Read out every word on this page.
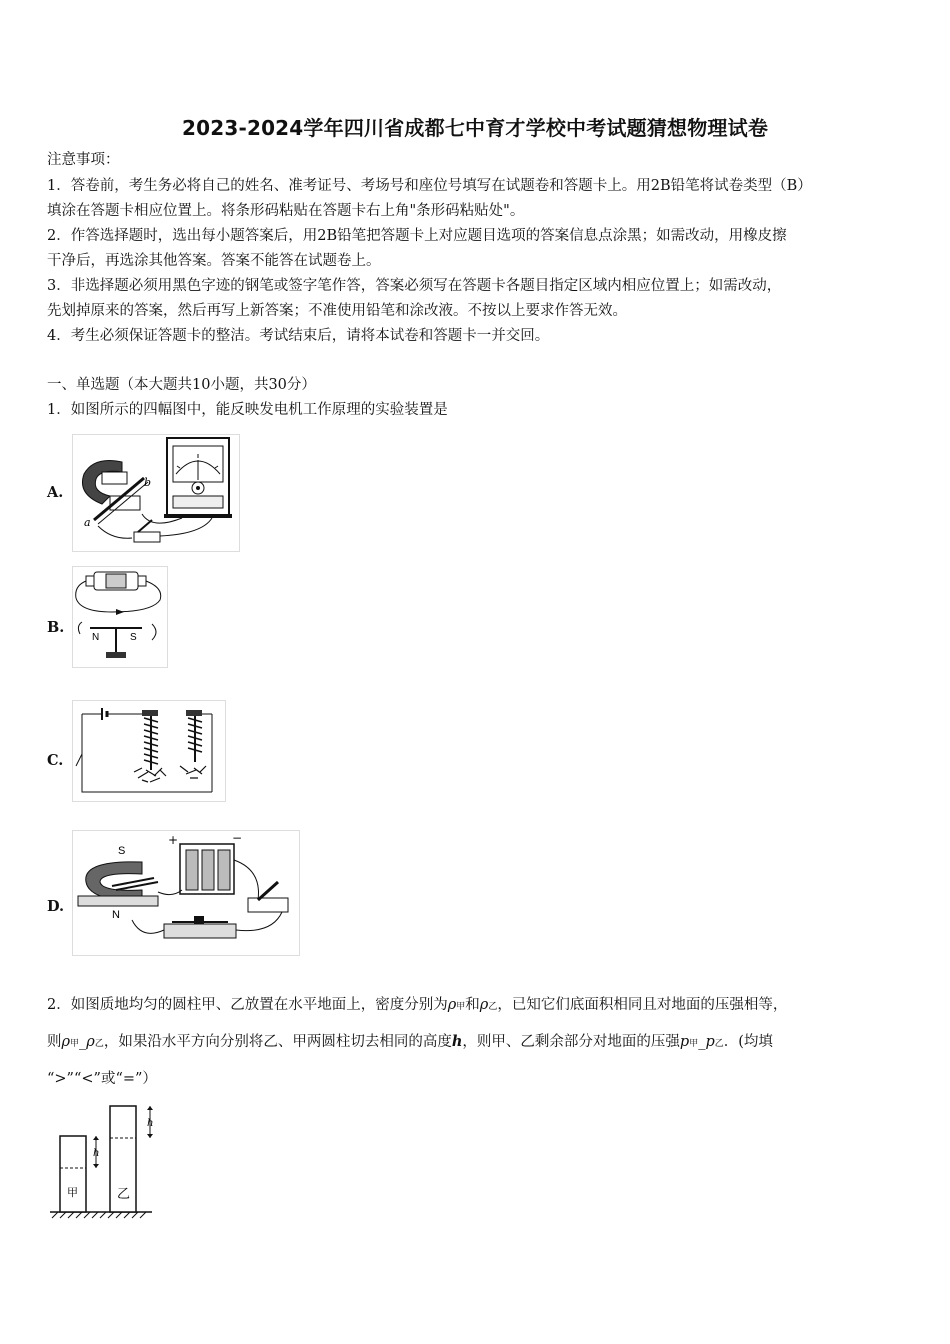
2023-2024学年四川省成都七中育才学校中考试题猜想物理试卷
注意事项：
1．答卷前，考生务必将自己的姓名、准考证号、考场号和座位号填写在试题卷和答题卡上。用2B铅笔将试卷类型（B）
填涂在答题卡相应位置上。将条形码粘贴在答题卡右上角"条形码粘贴处"。
2．作答选择题时，选出每小题答案后，用2B铅笔把答题卡上对应题目选项的答案信息点涂黑；如需改动，用橡皮擦
干净后，再选涂其他答案。答案不能答在试题卷上。
3．非选择题必须用黑色字迹的钢笔或签字笔作答，答案必须写在答题卡各题目指定区域内相应位置上；如需改动，
先划掉原来的答案，然后再写上新答案；不准使用铅笔和涂改液。不按以上要求作答无效。
4．考生必须保证答题卡的整洁。考试结束后，请将本试卷和答题卡一并交回。
一、单选题（本大题共10小题，共30分）
1．如图所示的四幅图中，能反映发电机工作原理的实验装置是
A.
a
b
B.
N	S
C.
D.
S
N
+	−
2．如图质地均匀的圆柱甲、乙放置在水平地面上，密度分别为ρ甲和ρ乙，已知它们底面积相同且对地面的压强相等，
则ρ甲_ρ乙，如果沿水平方向分别将乙、甲两圆柱切去相同的高度h，则甲、乙剩余部分对地面的压强p甲_p乙．(均填
“>”“<”或“=”）
h
甲
h
乙
